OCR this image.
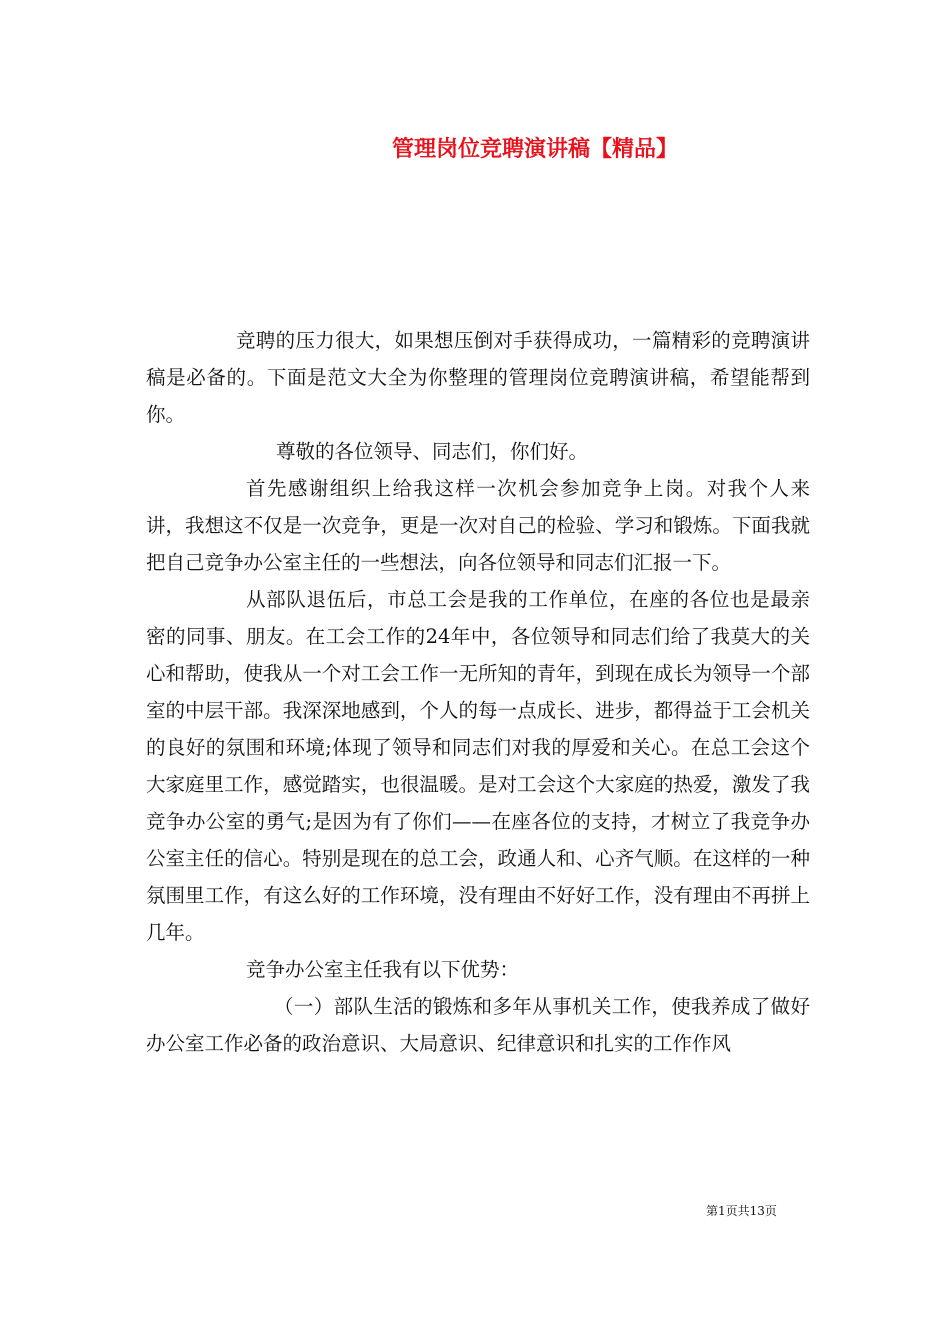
管理岗位竞聘演讲稿【精品】

竞聘的压力很大，如果想压倒对手获得成功，一篇精彩的竞聘演讲稿是必备的。下面是范文大全为你整理的管理岗位竞聘演讲稿，希望能帮到你。

尊敬的各位领导、同志们，你们好。

首先感谢组织上给我这样一次机会参加竞争上岗。对我个人来讲，我想这不仅是一次竞争，更是一次对自己的检验、学习和锻炼。下面我就把自己竞争办公室主任的一些想法，向各位领导和同志们汇报一下。

从部队退伍后，市总工会是我的工作单位，在座的各位也是最亲密的同事、朋友。在工会工作的24年中，各位领导和同志们给了我莫大的关心和帮助，使我从一个对工会工作一无所知的青年，到现在成长为领导一个部室的中层干部。我深深地感到，个人的每一点成长、进步，都得益于工会机关的良好的氛围和环境;体现了领导和同志们对我的厚爱和关心。在总工会这个大家庭里工作，感觉踏实，也很温暖。是对工会这个大家庭的热爱，激发了我竞争办公室的勇气;是因为有了你们——在座各位的支持，才树立了我竞争办公室主任的信心。特别是现在的总工会，政通人和、心齐气顺。在这样的一种氛围里工作，有这么好的工作环境，没有理由不好好工作，没有理由不再拼上几年。

竞争办公室主任我有以下优势：

（一）部队生活的锻炼和多年从事机关工作，使我养成了做好办公室工作必备的政治意识、大局意识、纪律意识和扎实的工作作风

第1页共13页
